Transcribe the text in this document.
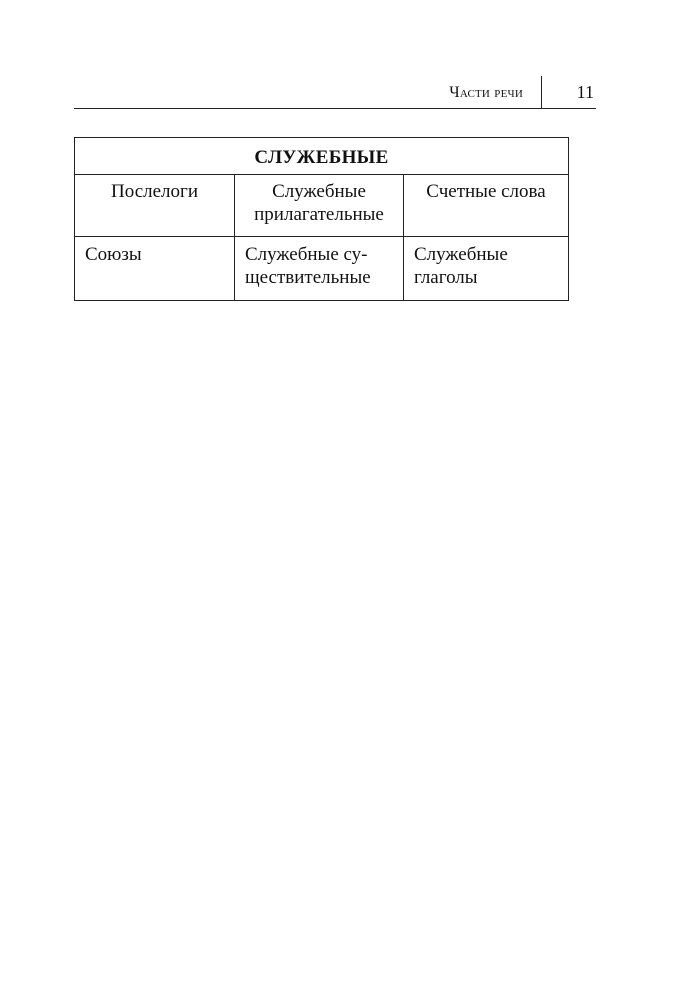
Части речи	11
СЛУЖЕБНЫЕ		
Послелоги	Служебные прилагательные	Счетные слова
Союзы	Служебные су-ществительные	Служебные глаголы
